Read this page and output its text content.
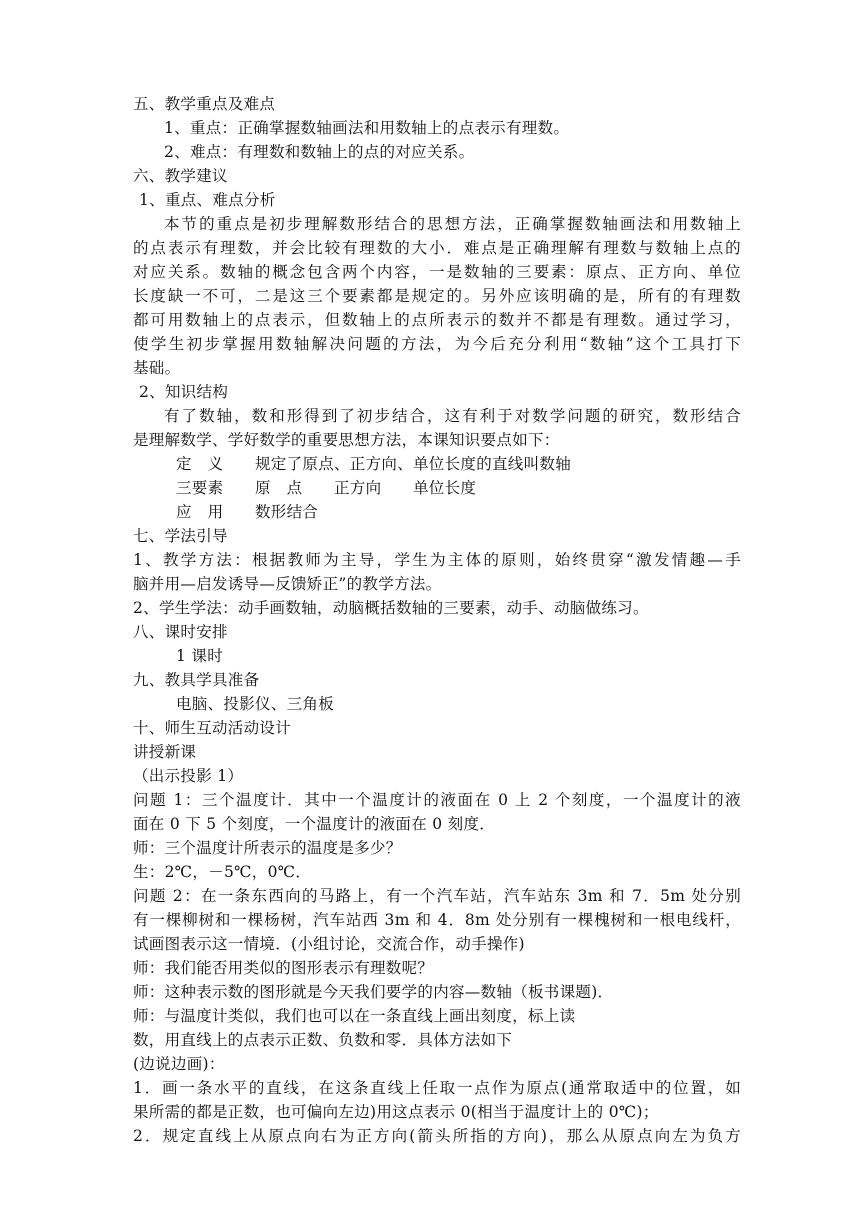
五、教学重点及难点
1、重点：正确掌握数轴画法和用数轴上的点表示有理数。
2、难点：有理数和数轴上的点的对应关系。
六、教学建议
1、重点、难点分析
本节的重点是初步理解数形结合的思想方法，正确掌握数轴画法和用数轴上
的点表示有理数，并会比较有理数的大小．难点是正确理解有理数与数轴上点的
对应关系。数轴的概念包含两个内容，一是数轴的三要素：原点、正方向、单位
长度缺一不可，二是这三个要素都是规定的。另外应该明确的是，所有的有理数
都可用数轴上的点表示，但数轴上的点所表示的数并不都是有理数。通过学习，
使学生初步掌握用数轴解决问题的方法，为今后充分利用“数轴”这个工具打下
基础。
2、知识结构
有了数轴，数和形得到了初步结合，这有利于对数学问题的研究，数形结合
是理解数学、学好数学的重要思想方法，本课知识要点如下：
定　义　　规定了原点、正方向、单位长度的直线叫数轴
三要素　　原　点　　正方向　　单位长度
应　用　　数形结合
七、学法引导
1、教学方法：根据教师为主导，学生为主体的原则，始终贯穿“激发情趣—手
脑并用—启发诱导—反馈矫正”的教学方法。
2、学生学法：动手画数轴，动脑概括数轴的三要素，动手、动脑做练习。
八、课时安排
1 课时
九、教具学具准备
电脑、投影仪、三角板
十、师生互动活动设计
讲授新课
（出示投影 1）
问题 1：三个温度计．其中一个温度计的液面在 0 上 2 个刻度，一个温度计的液
面在 0 下 5 个刻度，一个温度计的液面在 0 刻度．
师：三个温度计所表示的温度是多少？
生：2℃，－5℃，0℃．
问题 2：在一条东西向的马路上，有一个汽车站，汽车站东 3m 和 7．5m 处分别
有一棵柳树和一棵杨树，汽车站西 3m 和 4．8m 处分别有一棵槐树和一根电线杆，
试画图表示这一情境．(小组讨论，交流合作，动手操作)
师：我们能否用类似的图形表示有理数呢？
师：这种表示数的图形就是今天我们要学的内容—数轴（板书课题)．
师：与温度计类似，我们也可以在一条直线上画出刻度，标上读
数，用直线上的点表示正数、负数和零．具体方法如下
(边说边画)：
1．画一条水平的直线，在这条直线上任取一点作为原点(通常取适中的位置，如
果所需的都是正数，也可偏向左边)用这点表示 0(相当于温度计上的 0℃)；
2．规定直线上从原点向右为正方向(箭头所指的方向)，那么从原点向左为负方
